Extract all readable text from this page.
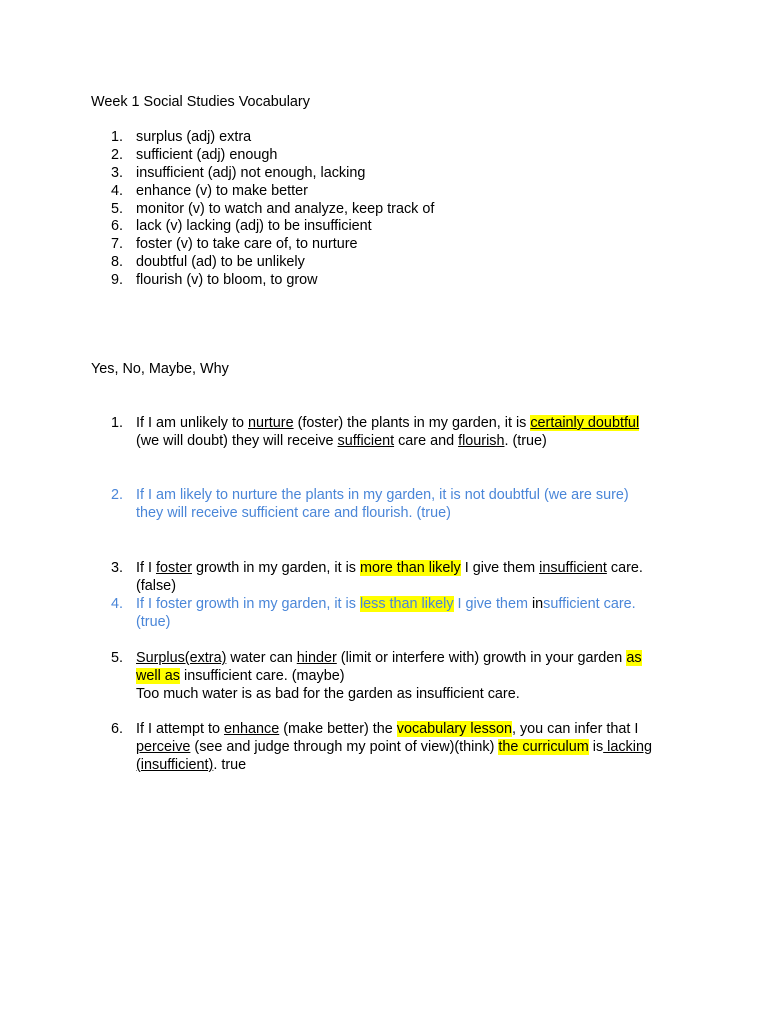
Week 1 Social Studies Vocabulary
1. surplus (adj) extra
2. sufficient (adj) enough
3. insufficient (adj) not enough, lacking
4. enhance (v) to make better
5. monitor (v) to watch and analyze, keep track of
6. lack (v) lacking (adj) to be insufficient
7. foster (v) to take care of, to nurture
8. doubtful (ad) to be unlikely
9. flourish (v) to bloom, to grow
Yes, No, Maybe, Why
1. If I am unlikely to nurture (foster) the plants in my garden, it is certainly doubtful
(we will doubt) they will receive sufficient care and flourish. (true)
2. If I am likely to nurture the plants in my garden, it is not doubtful (we are sure)
they will receive sufficient care and flourish. (true)
3. If I foster growth in my garden, it is more than likely I give them insufficient care.
(false)
4. If I foster growth in my garden, it is less than likely I give them insufficient care.
(true)
5. Surplus(extra) water can hinder (limit or interfere with) growth in your garden as
well as insufficient care. (maybe)
Too much water is as bad for the garden as insufficient care.
6. If I attempt to enhance (make better) the vocabulary lesson, you can infer that I
perceive (see and judge through my point of view)(think) the curriculum is lacking
(insufficient). true
